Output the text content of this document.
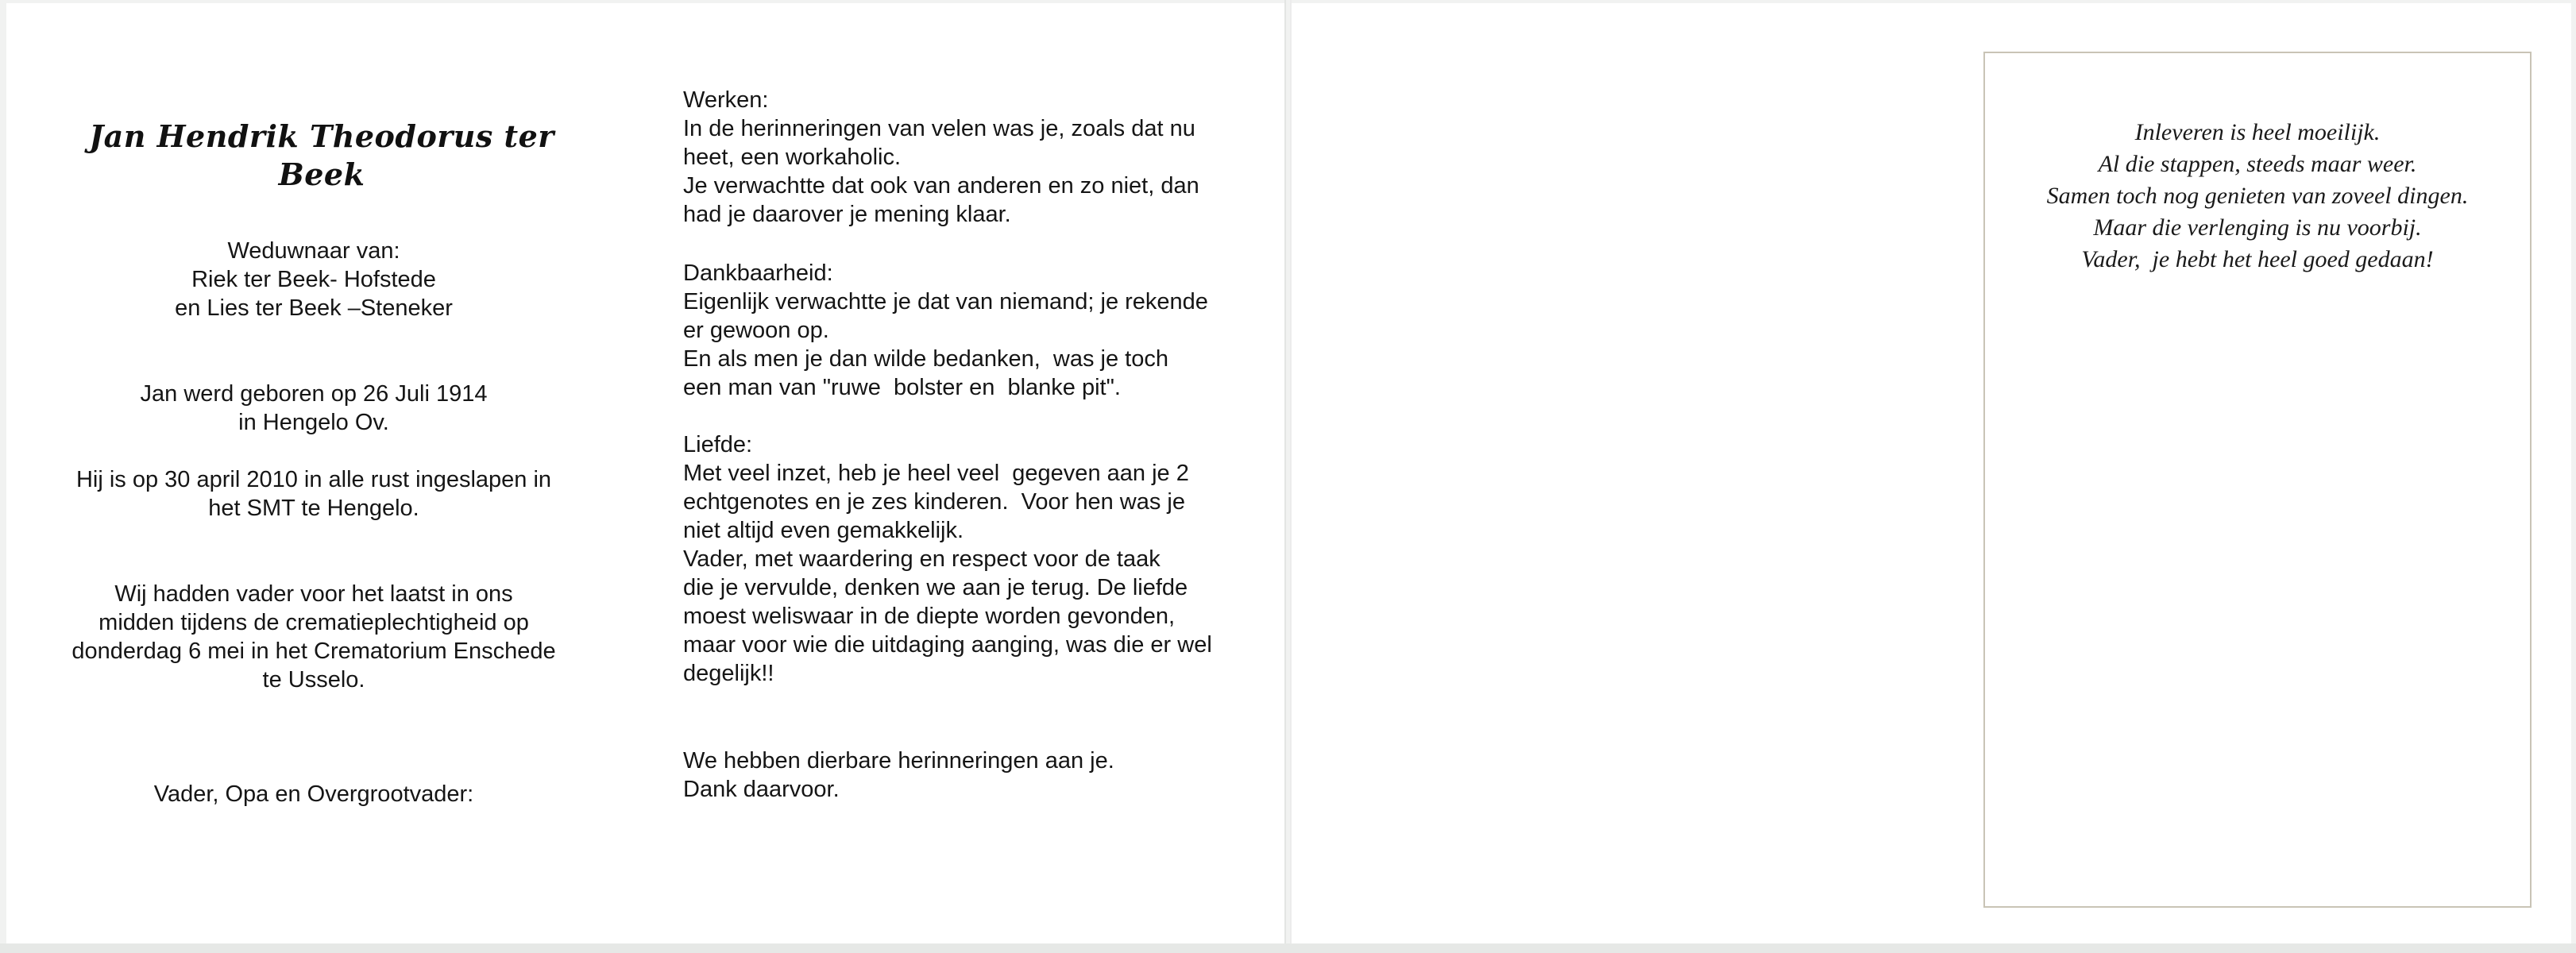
Jan Hendrik Theodorus ter Beek
Weduwnaar van:
Riek ter Beek- Hofstede
en Lies ter Beek –Steneker
Jan werd geboren op 26 Juli 1914
in Hengelo Ov.
Hij is op 30 april 2010 in alle rust ingeslapen in
het SMT te Hengelo.
Wij hadden vader voor het laatst in ons
midden tijdens de crematieplechtigheid op
donderdag 6 mei in het Crematorium Enschede
te Usselo.
Vader, Opa en Overgrootvader:
Werken:
In de herinneringen van velen was je, zoals dat nu
heet, een workaholic.
Je verwachtte dat ook van anderen en zo niet, dan
had je daarover je mening klaar.
Dankbaarheid:
Eigenlijk verwachtte je dat van niemand; je rekende
er gewoon op.
En als men je dan wilde bedanken,  was je toch
een man van "ruwe  bolster en  blanke pit".
Liefde:
Met veel inzet, heb je heel veel  gegeven aan je 2
echtgenotes en je zes kinderen.  Voor hen was je
niet altijd even gemakkelijk.
Vader, met waardering en respect voor de taak
die je vervulde, denken we aan je terug. De liefde
moest weliswaar in de diepte worden gevonden,
maar voor wie die uitdaging aanging, was die er wel
degelijk!!
We hebben dierbare herinneringen aan je.
Dank daarvoor.
Inleveren is heel moeilijk.
Al die stappen, steeds maar weer.
Samen toch nog genieten van zoveel dingen.
Maar die verlenging is nu voorbij.
Vader,  je hebt het heel goed gedaan!
